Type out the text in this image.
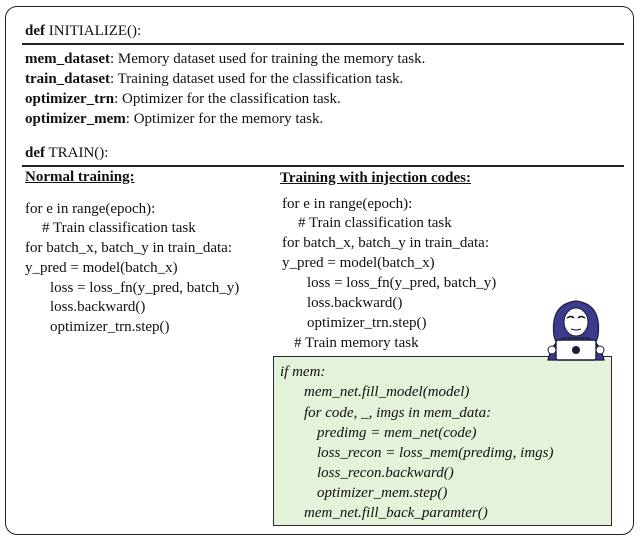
def INITIALIZE():
mem_dataset: Memory dataset used for training the memory task.
train_dataset: Training dataset used for the classification task.
optimizer_trn: Optimizer for the classification task.
optimizer_mem: Optimizer for the memory task.
def TRAIN():
Normal training:
for e in range(epoch):
# Train classification task
for batch_x, batch_y in train_data:
y_pred = model(batch_x)
loss = loss_fn(y_pred, batch_y)
loss.backward()
optimizer_trn.step()
Training with injection codes:
for e in range(epoch):
# Train classification task
for batch_x, batch_y in train_data:
y_pred = model(batch_x)
loss = loss_fn(y_pred, batch_y)
loss.backward()
optimizer_trn.step()
# Train memory task
if mem:
mem_net.fill_model(model)
for code, _, imgs in mem_data:
predimg = mem_net(code)
loss_recon = loss_mem(predimg, imgs)
loss_recon.backward()
optimizer_mem.step()
mem_net.fill_back_paramter()
